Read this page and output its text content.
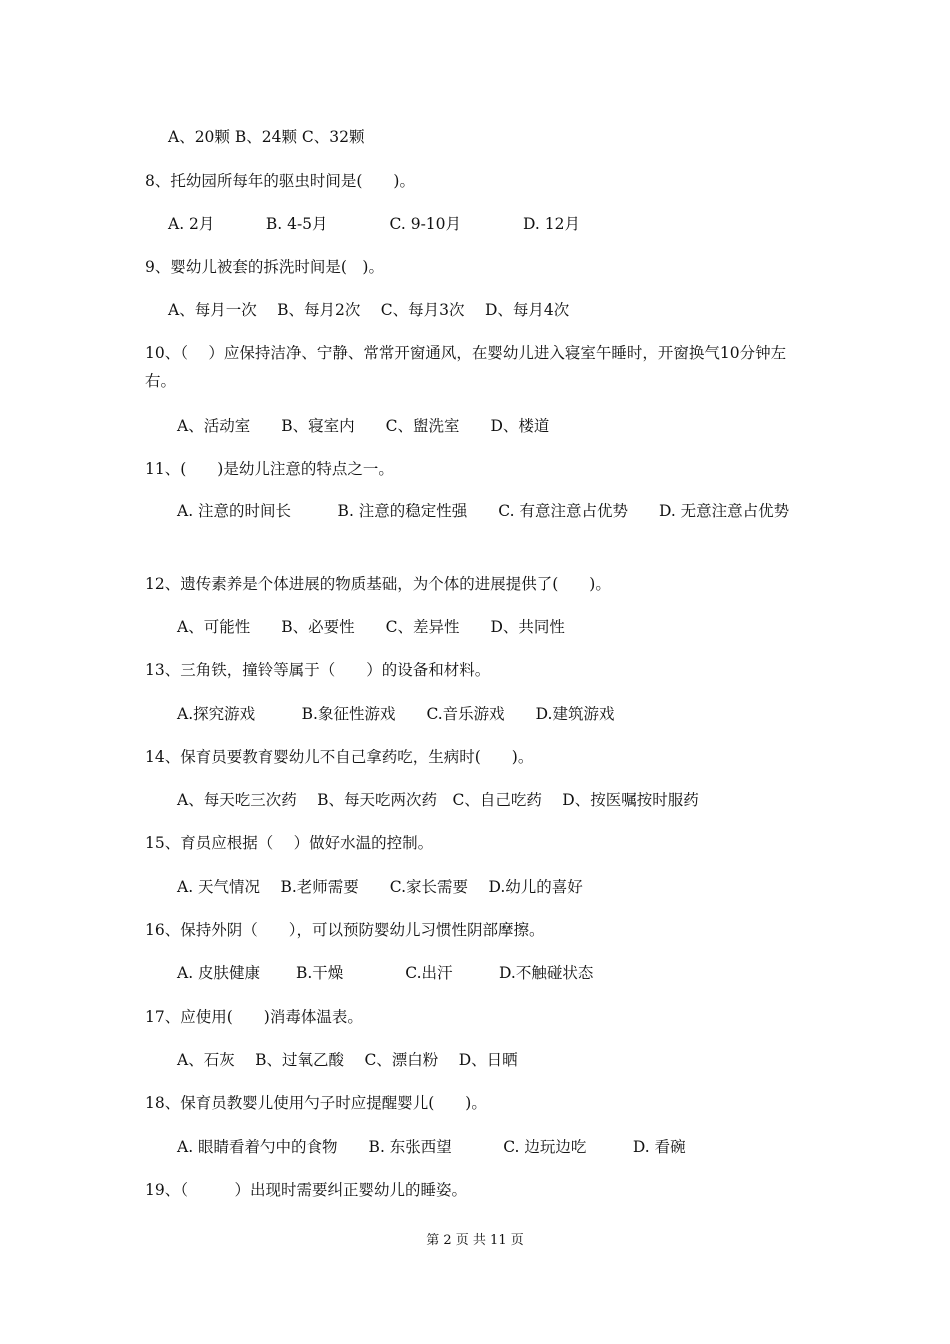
A、20颗 B、24颗 C、32颗
8、托幼园所每年的驱虫时间是(　　)。
A. 2月　　　 B. 4-5月　　　　C. 9-10月　　　　D. 12月
9、婴幼儿被套的拆洗时间是(　)。
A、每月一次　 B、每月2次　 C、每月3次　 D、每月4次
10、（　 ）应保持洁净、宁静、常常开窗通风，在婴幼儿进入寝室午睡时，开窗换气10分钟左右。
A、活动室　　B、寝室内　　C、盥洗室　　D、楼道
11、(　　)是幼儿注意的特点之一。
A. 注意的时间长　　　B. 注意的稳定性强　　C. 有意注意占优势　　D. 无意注意占优势
12、遗传素养是个体进展的物质基础，为个体的进展提供了(　　)。
A、可能性　　B、必要性　　C、差异性　　D、共同性
13、三角铁，撞铃等属于（　　）的设备和材料。
A.探究游戏　　　B.象征性游戏　　C.音乐游戏　　D.建筑游戏
14、保育员要教育婴幼儿不自己拿药吃，生病时(　　)。
A、每天吃三次药　 B、每天吃两次药　C、自己吃药　 D、按医嘱按时服药
15、育员应根据（　 ）做好水温的控制。
A. 天气情况　 B.老师需要　　C.家长需要　 D.幼儿的喜好
16、保持外阴（　　），可以预防婴幼儿习惯性阴部摩擦。
A. 皮肤健康　　 B.干燥　　　　C.出汗　　　D.不触碰状态
17、应使用(　　)消毒体温表。
A、石灰　 B、过氧乙酸　 C、漂白粉　 D、日晒
18、保育员教婴儿使用勺子时应提醒婴儿(　　)。
A. 眼睛看着勺中的食物　　B. 东张西望　　　 C. 边玩边吃　　　D. 看碗
19、（　　　）出现时需要纠正婴幼儿的睡姿。
第 2 页 共 11 页
